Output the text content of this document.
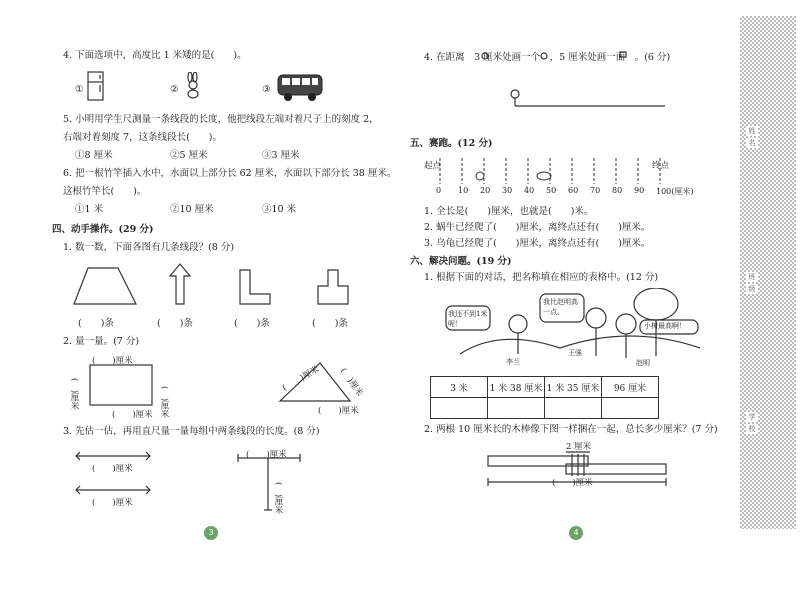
4. 下面选项中，高度比 1 米矮的是(　　)。
①	②	③
5. 小明用学生尺测量一条线段的长度，他把线段左端对着尺子上的刻度 2，
右端对着刻度 7，这条线段长(　　)。
①8 厘米	②5 厘米	③3 厘米
6. 把一根竹竿插入水中，水面以上部分长 62 厘米，水面以下部分长 38 厘米。
这根竹竿长(　　)。
①1 米	②10 厘米	③10 米
四、动手操作。(29 分)
1. 数一数，下面各图有几条线段？(8 分)
(　　)条	(　　)条	(　　)条	(　　)条
2. 量一量。(7 分)
(　　)厘米
(　)厘米	(　)厘米
(　　)厘米
(　　)厘米 (　)厘米
(　　)厘米
3. 先估一估，再用直尺量一量每组中两条线段的长度。(8 分)
(　　)厘米
(　　)厘米
(　　)厘米
(　)厘米
3
4. 在距离　3 厘米处画一个　，5 厘米处画一面　。(6 分)
五、赛跑。(12 分)
起点	终点
0 10 20 30 40 50 60 70 80 90 100(厘米)
1. 全长是(　　)厘米，也就是(　　)米。
2. 蜗牛已经爬了(　　)厘米，离终点还有(　　)厘米。
3. 乌龟已经爬了(　　)厘米，离终点还有(　　)厘米。
六、解决问题。(19 分)
1. 根据下面的对话，把名称填在相应的表格中。(12 分)
我还不到1米呢！
我比赵明高一点。
小树最高啊！
李兰
王强
赵明
3 米	1 米 38 厘米	1 米 35 厘米	96 厘米

2. 两根 10 厘米长的木棒像下图一样捆在一起，总长多少厘米？(7 分)
2 厘米
(　　)厘米
4
姓
名
班
级
学
校
